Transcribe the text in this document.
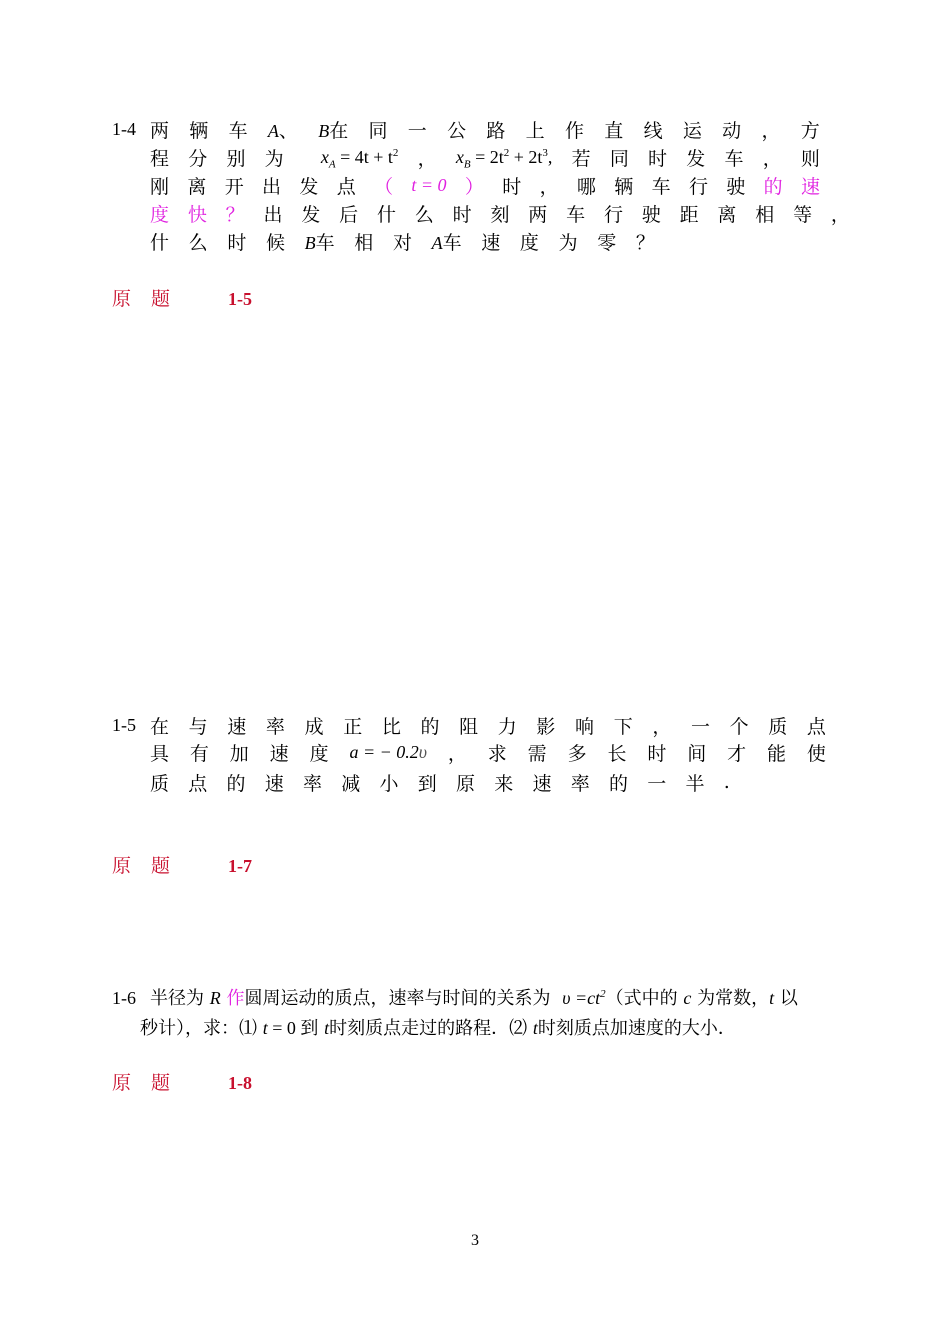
1-4 两 辆 车 A、 B在 同 一 公 路 上 作 直 线 运 动 ， 方
程 分 别 为 $x_A = 4t + t^2$ ， $x_B = 2t^2 + 2t^3$, 若 同 时 发 车 ， 则
刚 离 开 出 发 点 （ t = 0 ） 时 ， 哪 辆 车 行 驶 的 速
度 快 ？ 出 发 后 什 么 时 刻 两 车 行 驶 距 离 相 等 ，
什 么 时 候 B车 相 对 A车 速 度 为 零 ？
原题 1-5
1-5 在 与 速 率 成 正 比 的 阻 力 影 响 下 ， 一 个 质 点
具 有 加 速 度 a = − 0.2υ ， 求 需 多 长 时 间 才 能 使
质 点 的 速 率 减 小 到 原 来 速 率 的 一 半 .
原题 1-7
1-6 半径为 R 作圆周运动的质点，速率与时间的关系为 $\upsilon =ct^2$（式中的 c 为常数，t 以
秒计），求：⑴ t = 0 到 t时刻质点走过的路程．⑵ t时刻质点加速度的大小．
原题 1-8
3
